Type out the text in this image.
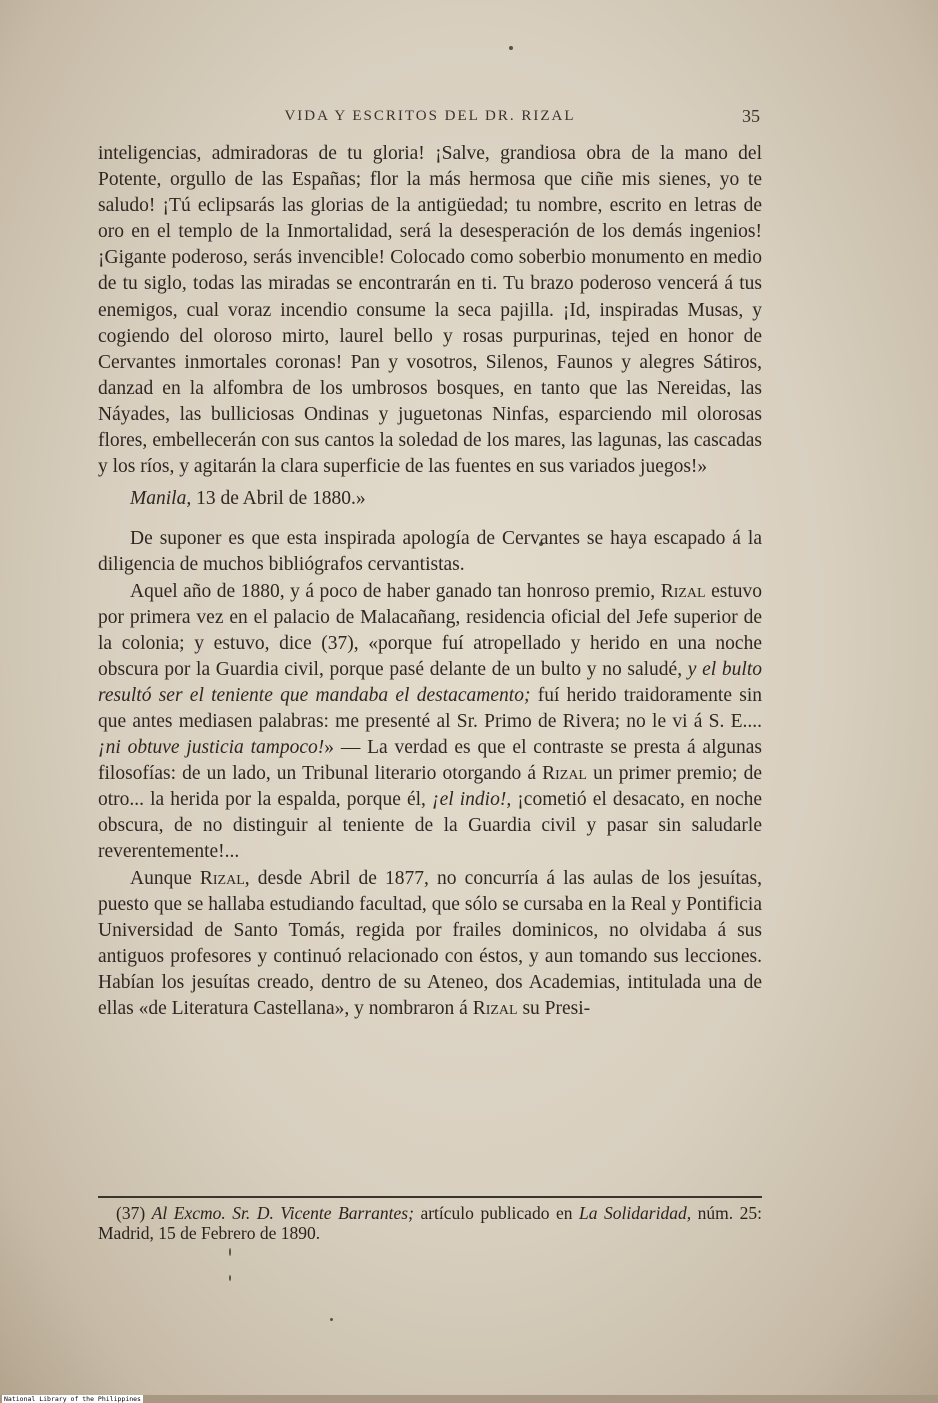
VIDA Y ESCRITOS DEL DR. RIZAL	35

inteligencias, admiradoras de tu gloria! ¡Salve, grandiosa obra de la mano del Potente, orgullo de las Españas; flor la más hermosa que ciñe mis sienes, yo te saludo! ¡Tú eclipsarás las glorias de la antigüedad; tu nombre, escrito en letras de oro en el templo de la Inmortalidad, será la desesperación de los demás ingenios! ¡Gigante poderoso, serás invencible! Colocado como soberbio monumento en medio de tu siglo, todas las miradas se encontrarán en ti. Tu brazo poderoso vencerá á tus enemigos, cual voraz incendio consume la seca pajilla. ¡Id, inspiradas Musas, y cogiendo del oloroso mirto, laurel bello y rosas purpurinas, tejed en honor de Cervantes inmortales coronas! Pan y vosotros, Silenos, Faunos y alegres Sátiros, danzad en la alfombra de los umbrosos bosques, en tanto que las Nereidas, las Náyades, las bulliciosas Ondinas y juguetonas Ninfas, esparciendo mil olorosas flores, embellecerán con sus cantos la soledad de los mares, las lagunas, las cascadas y los ríos, y agitarán la clara superficie de las fuentes en sus variados juegos!»

Manila, 13 de Abril de 1880.»

De suponer es que esta inspirada apología de Cervantes se haya escapado á la diligencia de muchos bibliógrafos cervantistas.

Aquel año de 1880, y á poco de haber ganado tan honroso premio, Rizal estuvo por primera vez en el palacio de Malacañang, residencia oficial del Jefe superior de la colonia; y estuvo, dice (37), «porque fuí atropellado y herido en una noche obscura por la Guardia civil, porque pasé delante de un bulto y no saludé, y el bulto resultó ser el teniente que mandaba el destacamento; fuí herido traidoramente sin que antes mediasen palabras: me presenté al Sr. Primo de Rivera; no le vi á S. E.... ¡ni obtuve justicia tampoco!» — La verdad es que el contraste se presta á algunas filosofías: de un lado, un Tribunal literario otorgando á Rizal un primer premio; de otro... la herida por la espalda, porque él, ¡el indio!, ¡cometió el desacato, en noche obscura, de no distinguir al teniente de la Guardia civil y pasar sin saludarle reverentemente!...

Aunque Rizal, desde Abril de 1877, no concurría á las aulas de los jesuítas, puesto que se hallaba estudiando facultad, que sólo se cursaba en la Real y Pontificia Universidad de Santo Tomás, regida por frailes dominicos, no olvidaba á sus antiguos profesores y continuó relacionado con éstos, y aun tomando sus lecciones. Habían los jesuítas creado, dentro de su Ateneo, dos Academias, intitulada una de ellas «de Literatura Castellana», y nombraron á Rizal su Presi-

(37) Al Excmo. Sr. D. Vicente Barrantes; artículo publicado en La Solidaridad, núm. 25: Madrid, 15 de Febrero de 1890.
National Library of the Philippines
